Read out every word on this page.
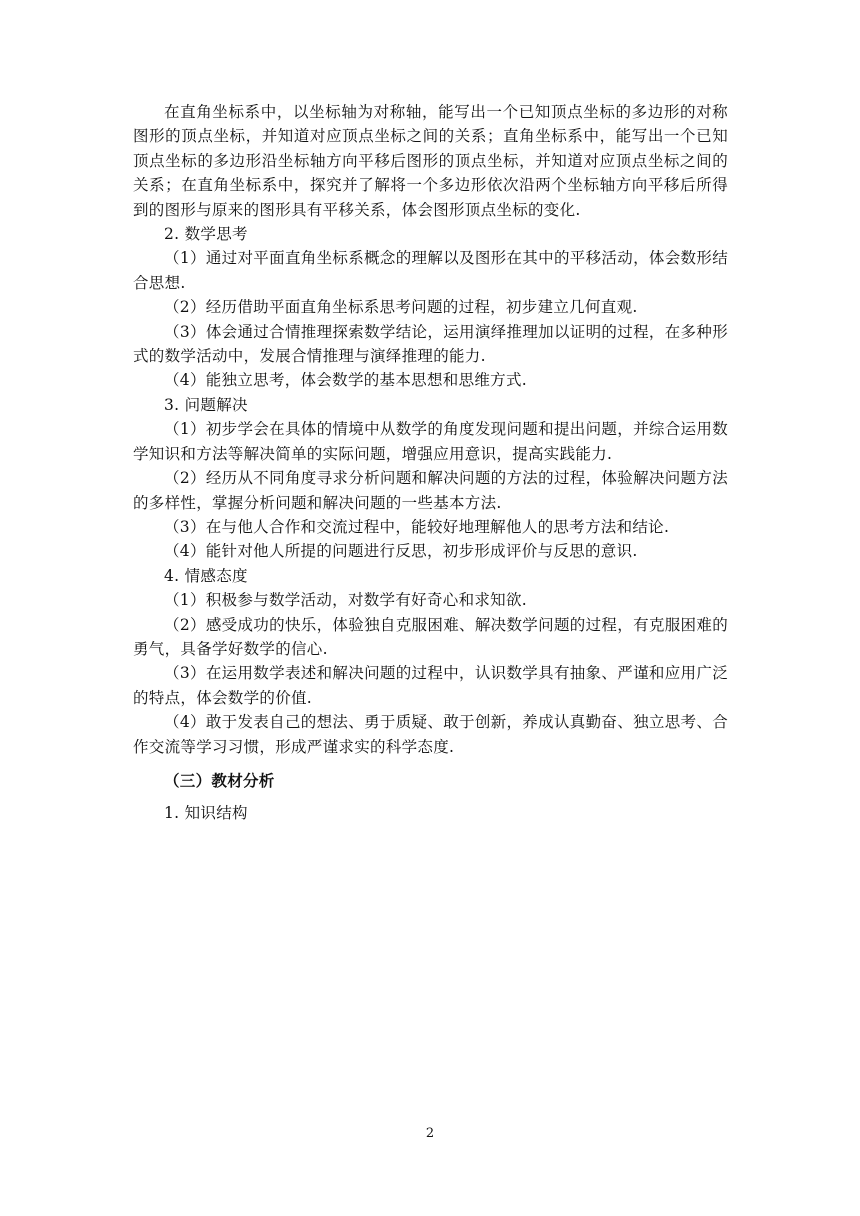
在直角坐标系中，以坐标轴为对称轴，能写出一个已知顶点坐标的多边形的对称图形的顶点坐标，并知道对应顶点坐标之间的关系；直角坐标系中，能写出一个已知顶点坐标的多边形沿坐标轴方向平移后图形的顶点坐标，并知道对应顶点坐标之间的关系；在直角坐标系中，探究并了解将一个多边形依次沿两个坐标轴方向平移后所得到的图形与原来的图形具有平移关系，体会图形顶点坐标的变化.

2. 数学思考

（1）通过对平面直角坐标系概念的理解以及图形在其中的平移活动，体会数形结合思想.

（2）经历借助平面直角坐标系思考问题的过程，初步建立几何直观.

（3）体会通过合情推理探索数学结论，运用演绎推理加以证明的过程，在多种形式的数学活动中，发展合情推理与演绎推理的能力.

（4）能独立思考，体会数学的基本思想和思维方式.

3. 问题解决

（1）初步学会在具体的情境中从数学的角度发现问题和提出问题，并综合运用数学知识和方法等解决简单的实际问题，增强应用意识，提高实践能力.

（2）经历从不同角度寻求分析问题和解决问题的方法的过程，体验解决问题方法的多样性，掌握分析问题和解决问题的一些基本方法.

（3）在与他人合作和交流过程中，能较好地理解他人的思考方法和结论.

（4）能针对他人所提的问题进行反思，初步形成评价与反思的意识.

4. 情感态度

（1）积极参与数学活动，对数学有好奇心和求知欲.

（2）感受成功的快乐，体验独自克服困难、解决数学问题的过程，有克服困难的勇气，具备学好数学的信心.

（3）在运用数学表述和解决问题的过程中，认识数学具有抽象、严谨和应用广泛的特点，体会数学的价值.

（4）敢于发表自己的想法、勇于质疑、敢于创新，养成认真勤奋、独立思考、合作交流等学习习惯，形成严谨求实的科学态度.

（三）教材分析

1. 知识结构

2
